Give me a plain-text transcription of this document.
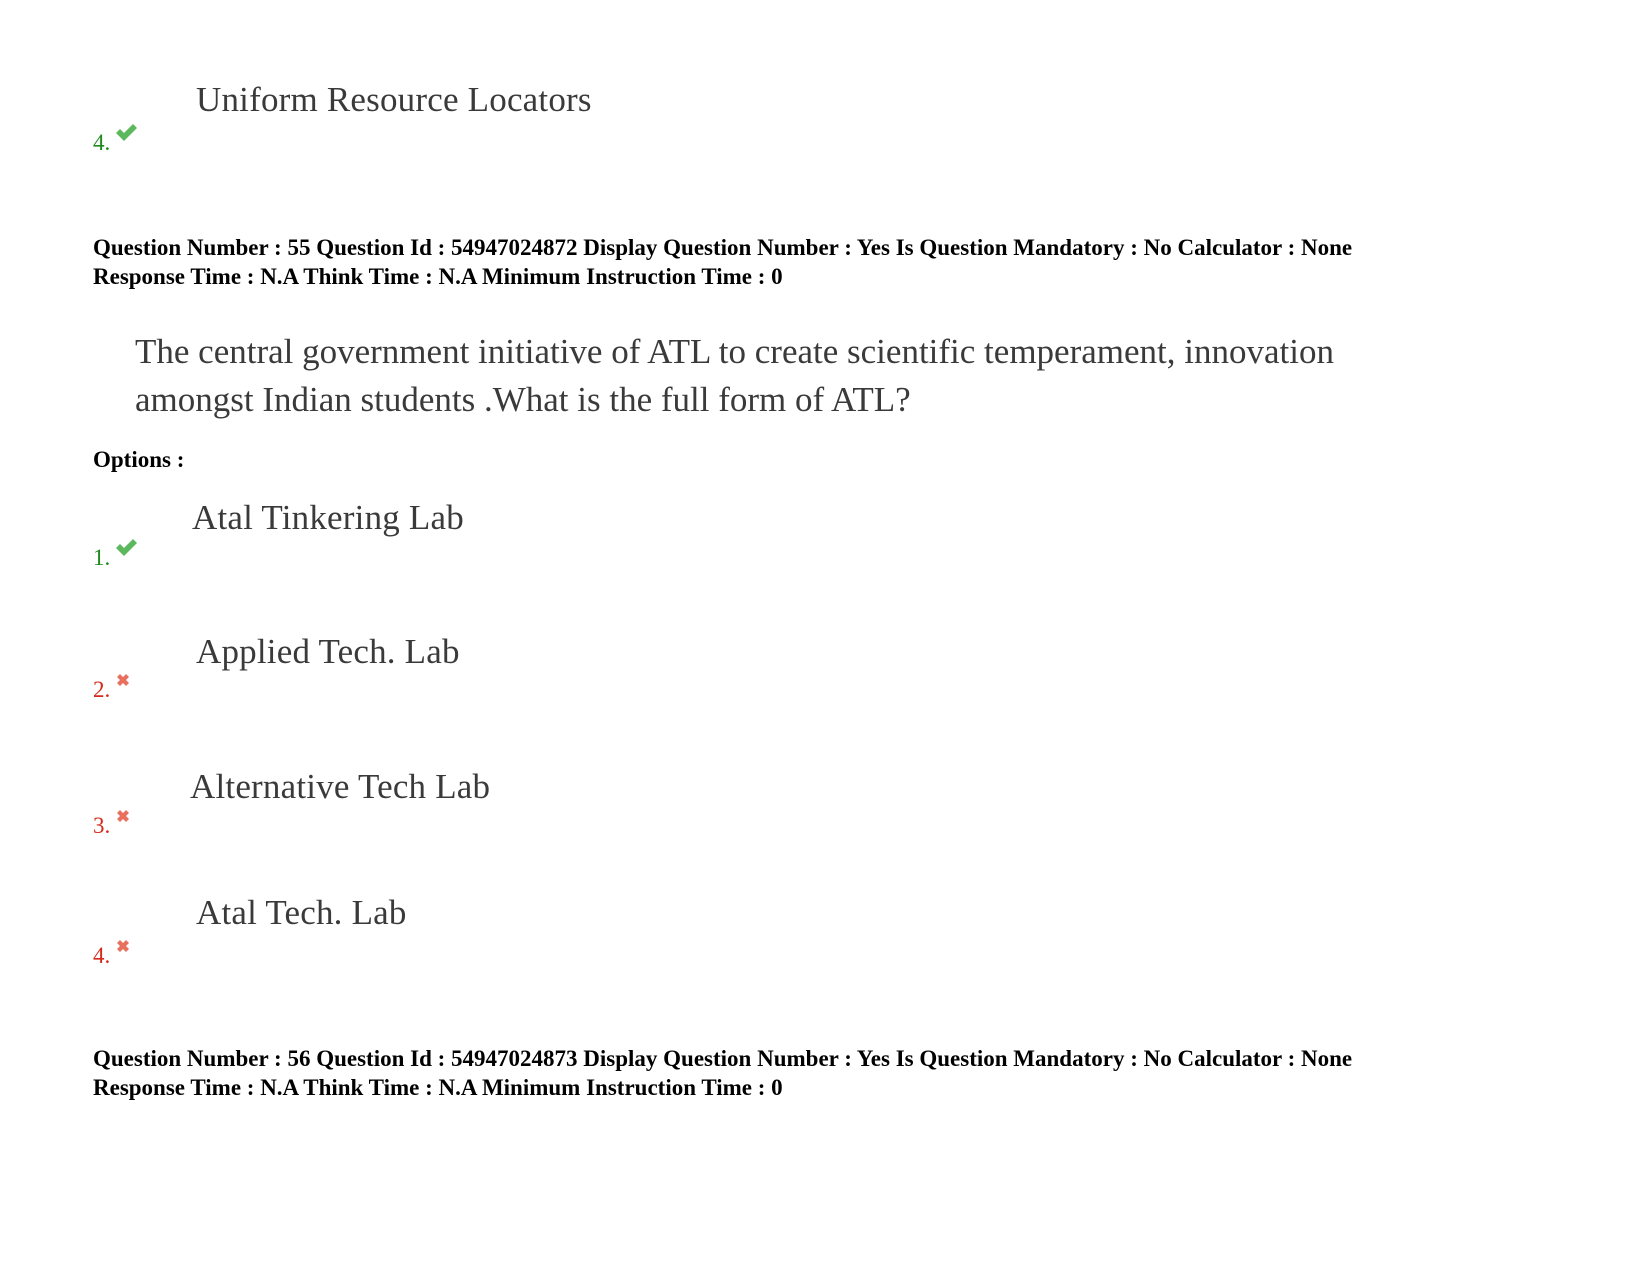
Uniform Resource Locators
4.
Question Number : 55 Question Id : 54947024872 Display Question Number : Yes Is Question Mandatory : No Calculator : None
Response Time : N.A Think Time : N.A Minimum Instruction Time : 0
The central government initiative of ATL to create scientific temperament, innovation
amongst Indian students .What is the full form of ATL?
Options :
Atal Tinkering Lab
1.
Applied Tech. Lab
2.
Alternative Tech Lab
3.
Atal Tech. Lab
4.
Question Number : 56 Question Id : 54947024873 Display Question Number : Yes Is Question Mandatory : No Calculator : None
Response Time : N.A Think Time : N.A Minimum Instruction Time : 0
